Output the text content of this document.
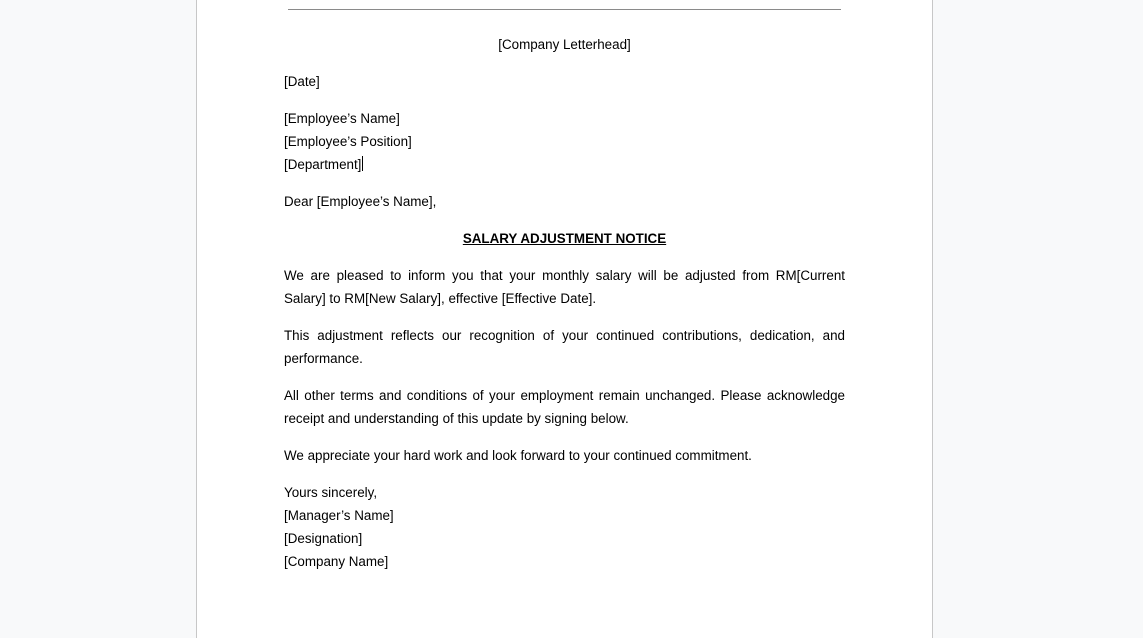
[Company Letterhead]
[Date]
[Employee’s Name]
[Employee’s Position]
[Department]
Dear [Employee’s Name],
SALARY ADJUSTMENT NOTICE
We are pleased to inform you that your monthly salary will be adjusted from RM[Current Salary] to RM[New Salary], effective [Effective Date].
This adjustment reflects our recognition of your continued contributions, dedication, and performance.
All other terms and conditions of your employment remain unchanged. Please acknowledge receipt and understanding of this update by signing below.
We appreciate your hard work and look forward to your continued commitment.
Yours sincerely,
[Manager’s Name]
[Designation]
[Company Name]
